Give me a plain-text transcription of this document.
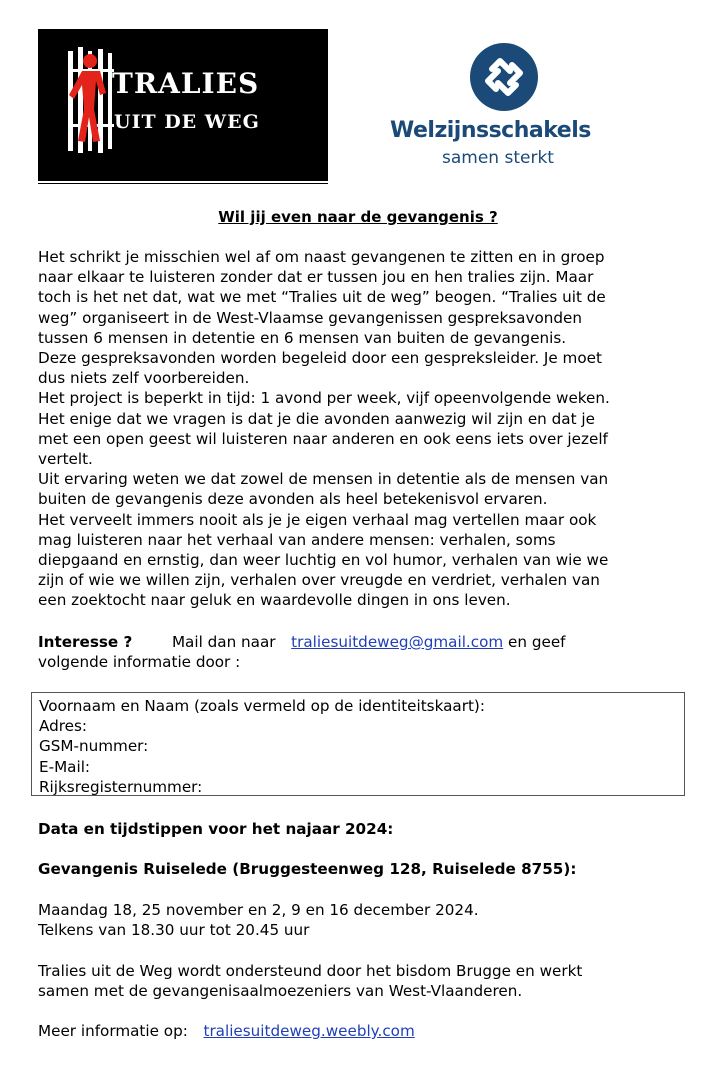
TRALIES
UIT DE WEG	Welzijnsschakels
samen sterkt
Wil jij even naar de gevangenis ?
Het schrikt je misschien wel af om naast gevangenen te zitten en in groep
naar elkaar te luisteren zonder dat er tussen jou en hen tralies zijn. Maar
toch is het net dat, wat we met “Tralies uit de weg” beogen. “Tralies uit de
weg” organiseert in de West-Vlaamse gevangenissen gespreksavonden
tussen 6 mensen in detentie en 6 mensen van buiten de gevangenis.
Deze gespreksavonden worden begeleid door een gespreksleider. Je moet
dus niets zelf voorbereiden.
Het project is beperkt in tijd: 1 avond per week, vijf opeenvolgende weken.
Het enige dat we vragen is dat je die avonden aanwezig wil zijn en dat je
met een open geest wil luisteren naar anderen en ook eens iets over jezelf
vertelt.
Uit ervaring weten we dat zowel de mensen in detentie als de mensen van
buiten de gevangenis deze avonden als heel betekenisvol ervaren.
Het verveelt immers nooit als je je eigen verhaal mag vertellen maar ook
mag luisteren naar het verhaal van andere mensen: verhalen, soms
diepgaand en ernstig, dan weer luchtig en vol humor, verhalen van wie we
zijn of wie we willen zijn, verhalen over vreugde en verdriet, verhalen van
een zoektocht naar geluk en waardevolle dingen in ons leven.
Interesse ?	Mail dan naar traliesuitdeweg@gmail.com en geef
volgende informatie door :
Voornaam en Naam (zoals vermeld op de identiteitskaart):
Adres:
GSM-nummer:
E-Mail:
Rijksregisternummer:
Data en tijdstippen voor het najaar 2024:
Gevangenis Ruiselede (Bruggesteenweg 128, Ruiselede 8755):
Maandag 18, 25 november en 2, 9 en 16 december 2024.
Telkens van 18.30 uur tot 20.45 uur
Tralies uit de Weg wordt ondersteund door het bisdom Brugge en werkt
samen met de gevangenisaalmoezeniers van West-Vlaanderen.
Meer informatie op: traliesuitdeweg.weebly.com
